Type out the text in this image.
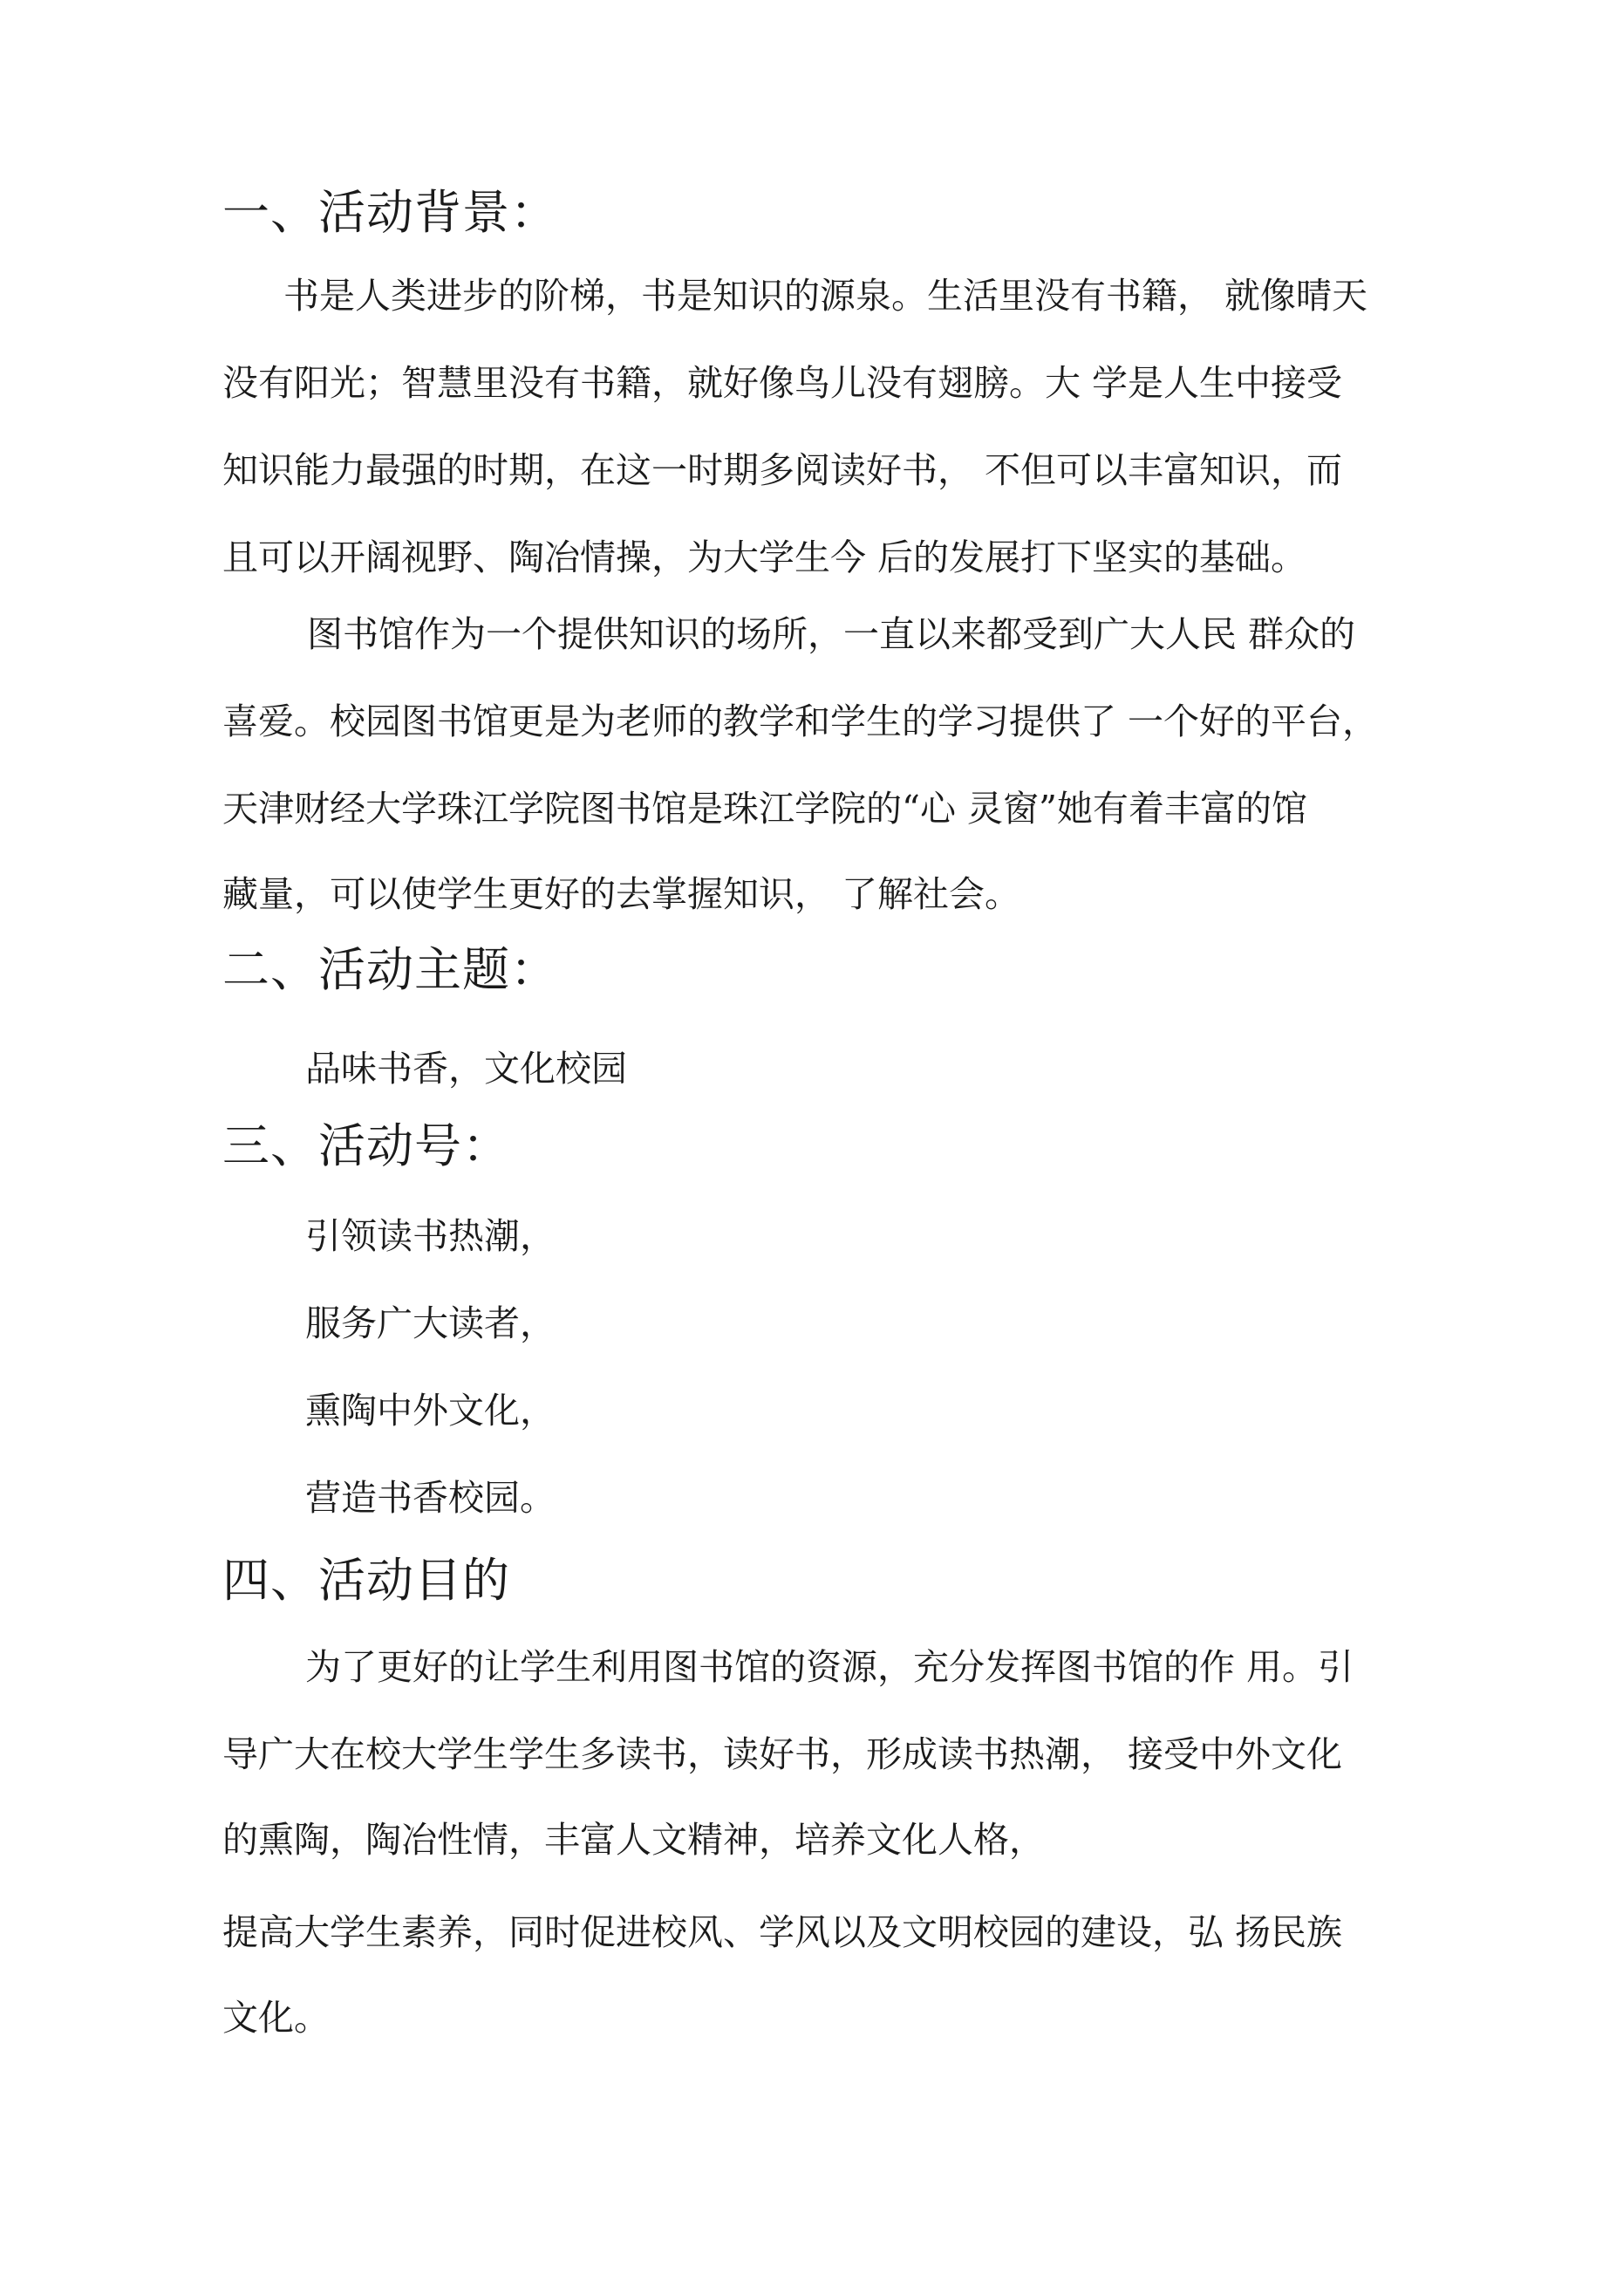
一、活动背景：
书是人类进步的阶梯，书是知识的源泉。生活里没有书籍， 就像晴天
没有阳光；智慧里没有书籍，就好像鸟儿没有翅膀。大 学是人生中接受
知识能力最强的时期，在这一时期多阅读好书， 不但可以丰富知识，而
且可以开阔视野、陶冶情操，为大学生今 后的发展打下坚实的基础。
图书馆作为一个提供知识的场所，一直以来都受到广大人民 群众的
喜爱。校园图书馆更是为老师的教学和学生的学习提供了 一个好的平台，
天津财经大学珠江学院图书馆是珠江学院的“心 灵窗”她有着丰富的馆
藏量，可以使学生更好的去掌握知识， 了解社会。
二、活动主题：
品味书香，文化校园
三、活动号：
引领读书热潮，
服务广大读者，
熏陶中外文化，
营造书香校园。
四、活动目的
为了更好的让学生利用图书馆的资源，充分发挥图书馆的作 用。引
导广大在校大学生学生多读书，读好书，形成读书热潮， 接受中外文化
的熏陶，陶冶性情，丰富人文精神，培养文化人格，
提高大学生素养，同时促进校风、学风以及文明校园的建设，弘 扬民族
文化。
